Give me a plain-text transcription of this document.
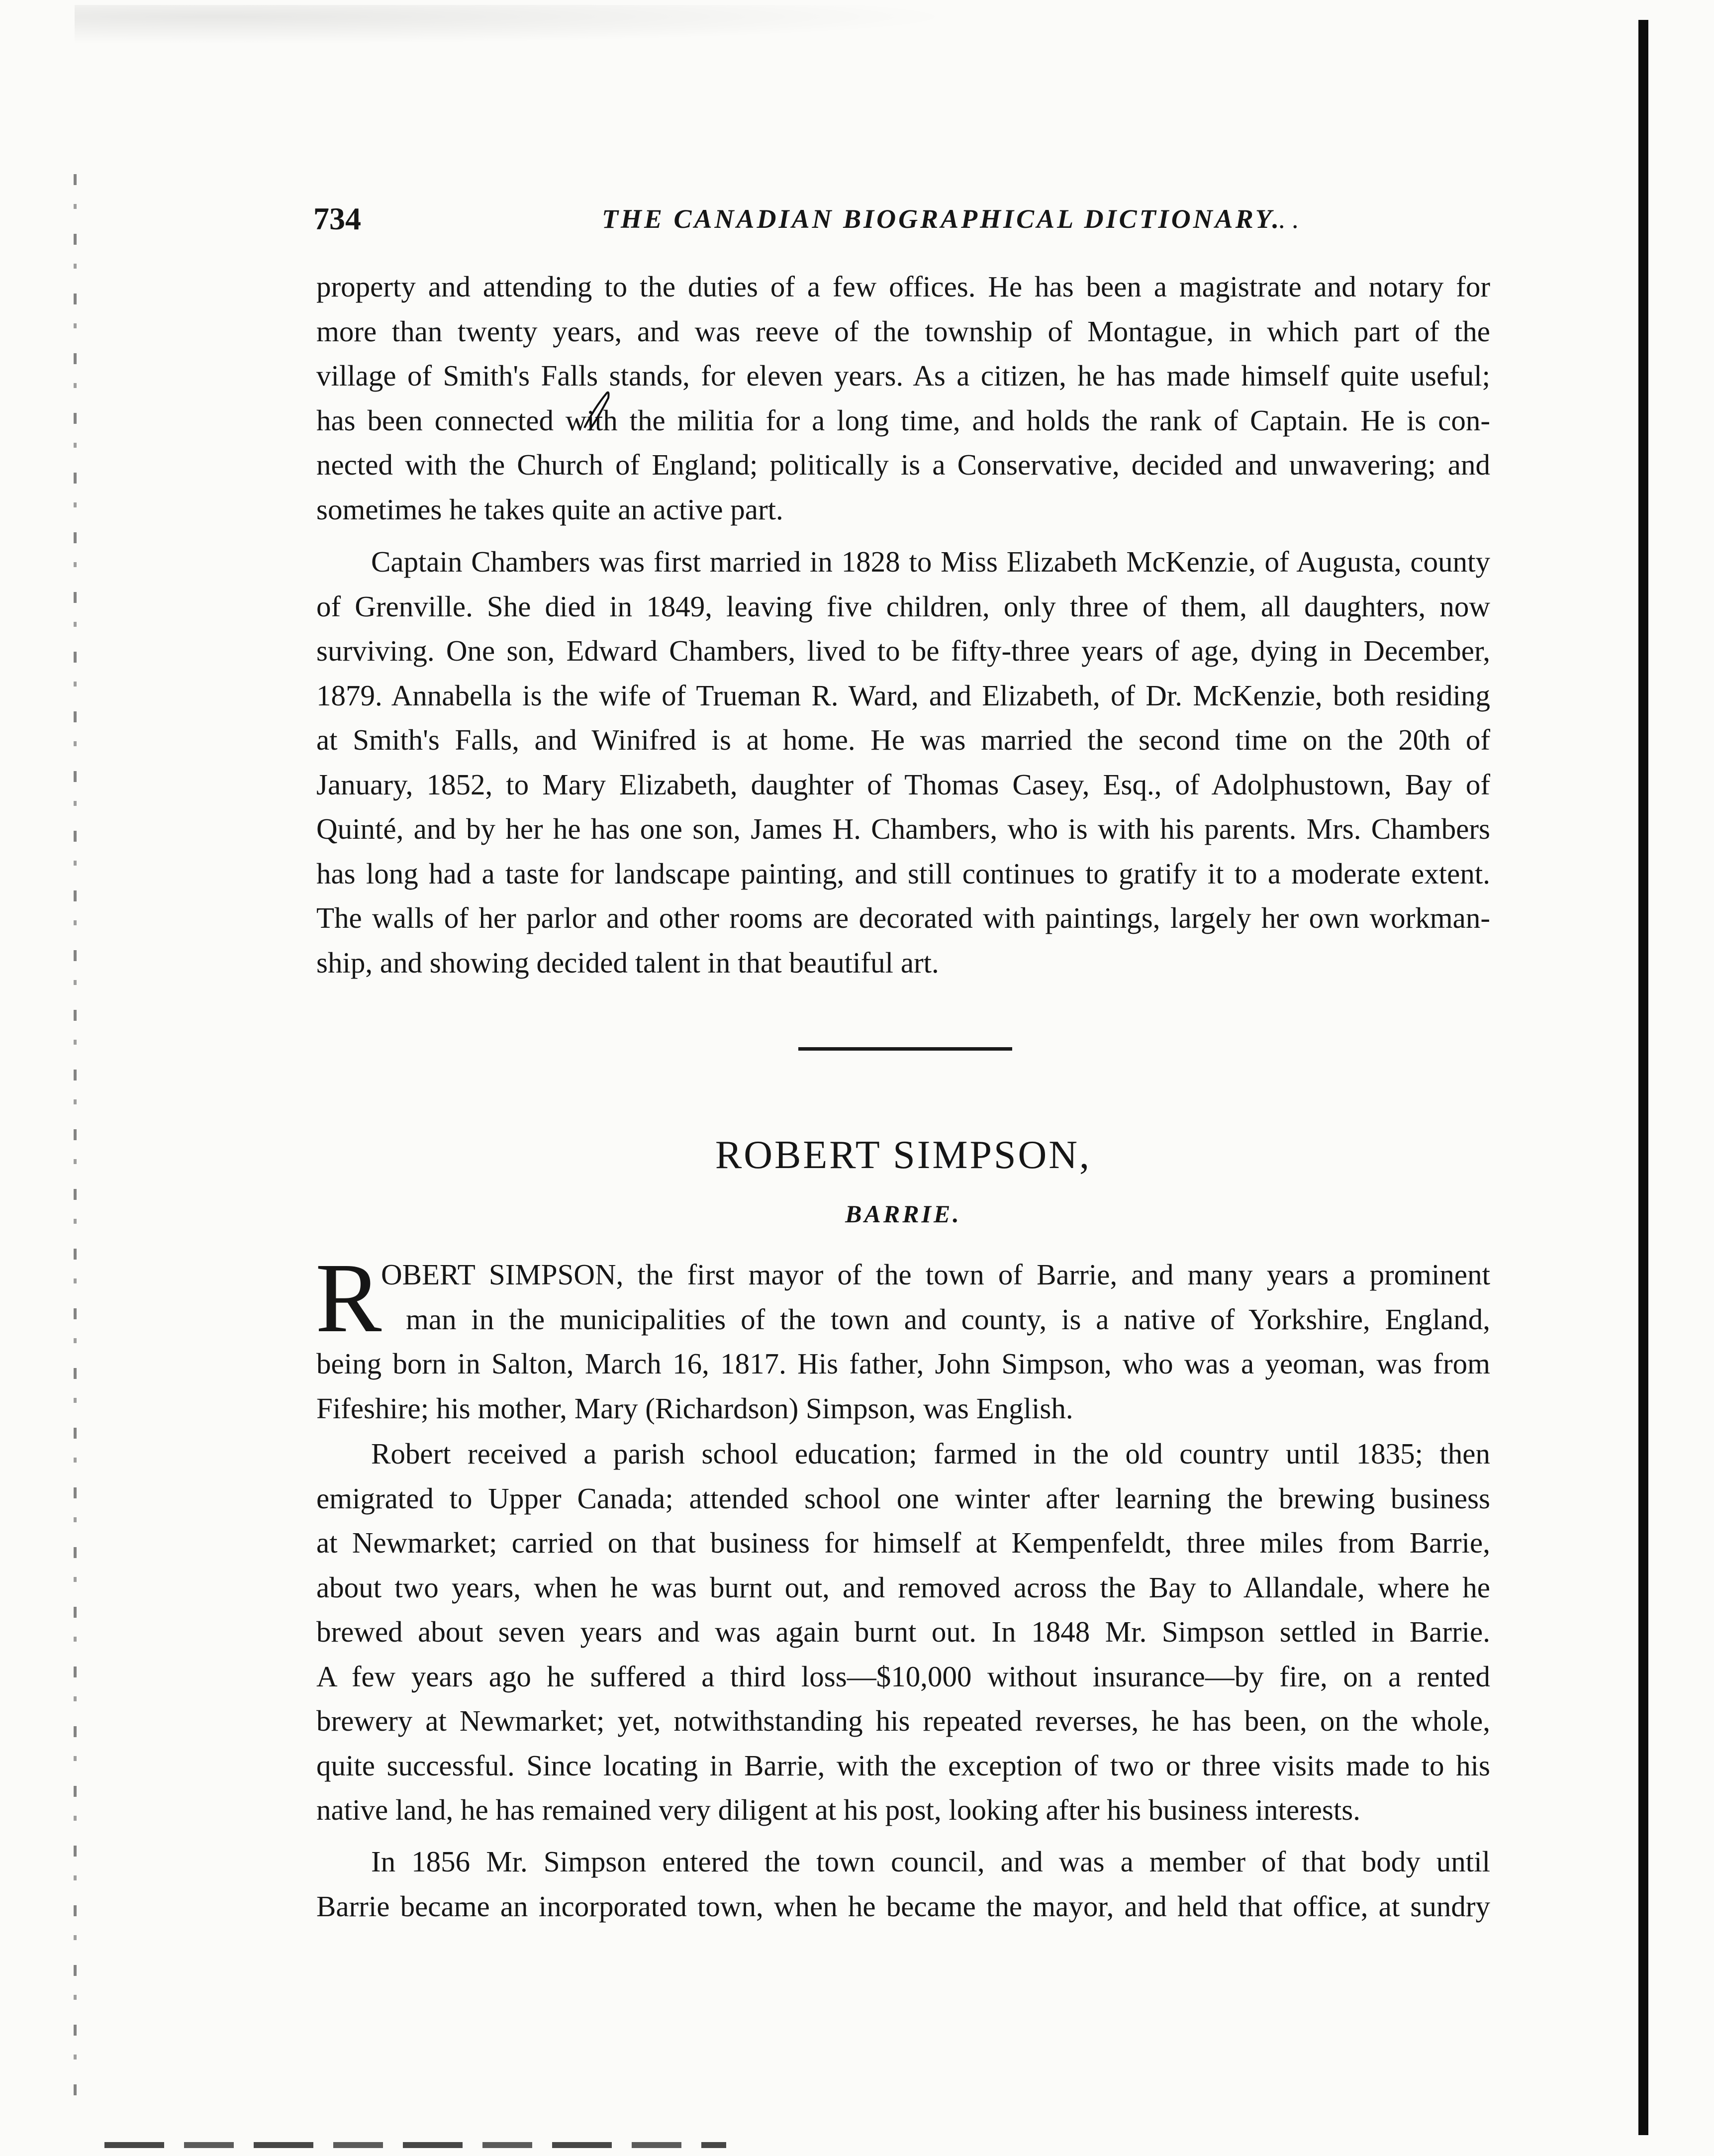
734	THE CANADIAN BIOGRAPHICAL DICTIONARY.
. .
property and attending to the duties of a few offices. He has been a magistrate and notary for
more than twenty years, and was reeve of the township of Montague, in which part of the
village of Smith's Falls stands, for eleven years. As a citizen, he has made himself quite useful;
has been connected with the militia for a long time, and holds the rank of Captain. He is con-
nected with the Church of England; politically is a Conservative, decided and unwavering; and
sometimes he takes quite an active part.
Captain Chambers was first married in 1828 to Miss Elizabeth McKenzie, of Augusta, county
of Grenville. She died in 1849, leaving five children, only three of them, all daughters, now
surviving. One son, Edward Chambers, lived to be fifty-three years of age, dying in December,
1879. Annabella is the wife of Trueman R. Ward, and Elizabeth, of Dr. McKenzie, both residing
at Smith's Falls, and Winifred is at home. He was married the second time on the 20th of
January, 1852, to Mary Elizabeth, daughter of Thomas Casey, Esq., of Adolphustown, Bay of
Quinté, and by her he has one son, James H. Chambers, who is with his parents. Mrs. Chambers
has long had a taste for landscape painting, and still continues to gratify it to a moderate extent.
The walls of her parlor and other rooms are decorated with paintings, largely her own workman-
ship, and showing decided talent in that beautiful art.
ROBERT SIMPSON,
BARRIE.
R
OBERT SIMPSON, the first mayor of the town of Barrie, and many years a prominent
man in the municipalities of the town and county, is a native of Yorkshire, England,
being born in Salton, March 16, 1817. His father, John Simpson, who was a yeoman, was from
Fifeshire; his mother, Mary (Richardson) Simpson, was English.
Robert received a parish school education; farmed in the old country until 1835; then
emigrated to Upper Canada; attended school one winter after learning the brewing business
at Newmarket; carried on that business for himself at Kempenfeldt, three miles from Barrie,
about two years, when he was burnt out, and removed across the Bay to Allandale, where he
brewed about seven years and was again burnt out. In 1848 Mr. Simpson settled in Barrie.
A few years ago he suffered a third loss—$10,000 without insurance—by fire, on a rented
brewery at Newmarket; yet, notwithstanding his repeated reverses, he has been, on the whole,
quite successful. Since locating in Barrie, with the exception of two or three visits made to his
native land, he has remained very diligent at his post, looking after his business interests.
In 1856 Mr. Simpson entered the town council, and was a member of that body until
Barrie became an incorporated town, when he became the mayor, and held that office, at sundry
